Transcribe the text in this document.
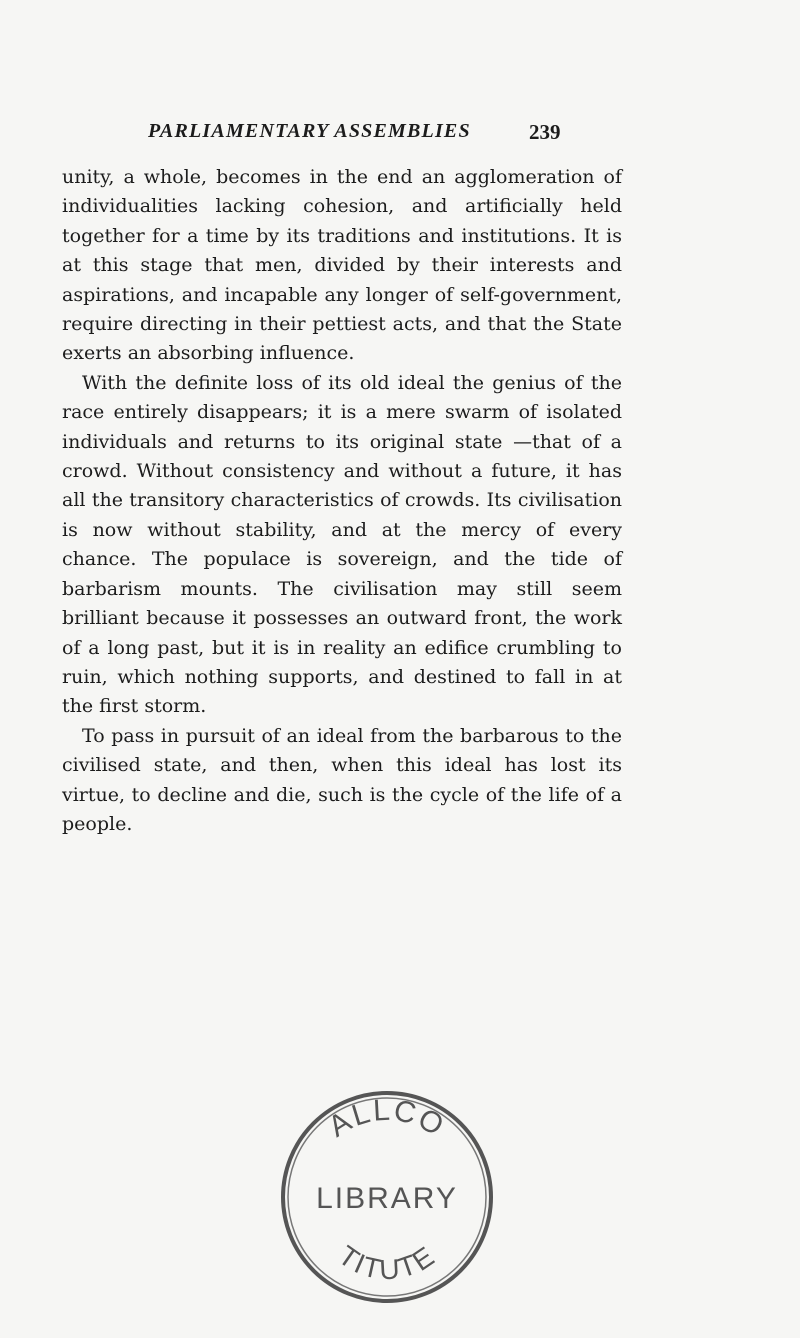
PARLIAMENTARY ASSEMBLIES	239

unity, a whole, becomes in the end an agglomeration of individualities lacking cohesion, and artificially held together for a time by its traditions and institutions. It is at this stage that men, divided by their interests and aspirations, and incapable any longer of self-government, require directing in their pettiest acts, and that the State exerts an absorbing influence.

With the definite loss of its old ideal the genius of the race entirely disappears; it is a mere swarm of isolated individuals and returns to its original state —that of a crowd. Without consistency and without a future, it has all the transitory characteristics of crowds. Its civilisation is now without stability, and at the mercy of every chance. The populace is sovereign, and the tide of barbarism mounts. The civilisation may still seem brilliant because it possesses an outward front, the work of a long past, but it is in reality an edifice crumbling to ruin, which nothing supports, and destined to fall in at the first storm.

To pass in pursuit of an ideal from the barbarous to the civilised state, and then, when this ideal has lost its virtue, to decline and die, such is the cycle of the life of a people.

ALLCO
LIBRARY
TITUTE
